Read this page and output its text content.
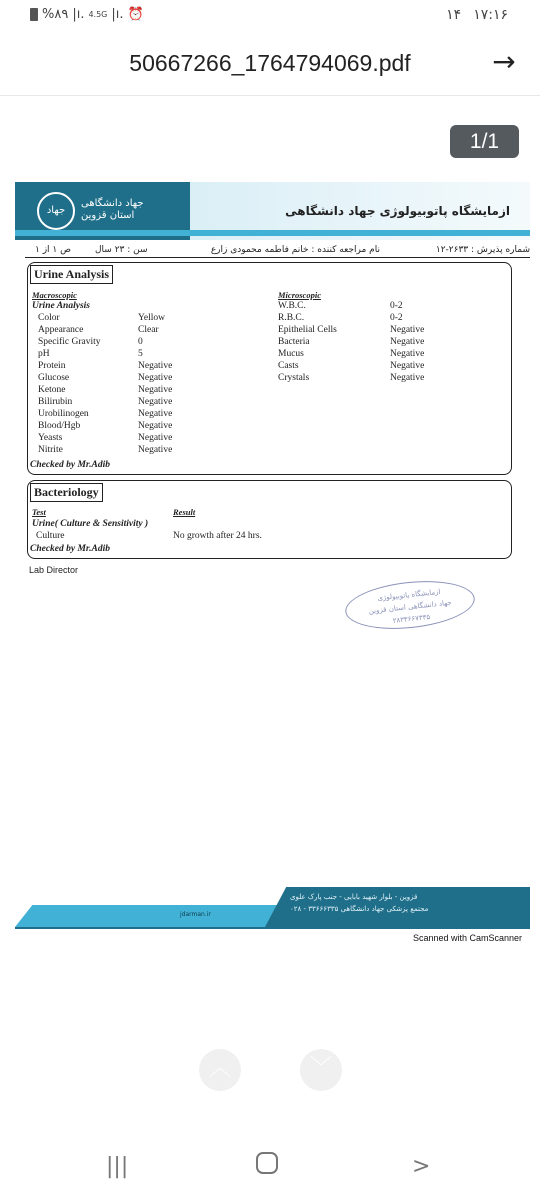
%۸۹ |ı. 4.5G |ı. ⏰	۱۴ ۱۷:۱۶
50667266_1764794069.pdf	→
1/1
جهاد
جهاد دانشگاهی
استان قزوین	ازمایشگاه پاتوبیولوژی جهاد دانشگاهی
شماره پذیرش : ۲۶۳۳-۱۲
نام مراجعه کننده : خانم فاطمه محمودی زارع
سن : ۲۳ سال
ص ۱ از ۱
Urine Analysis
Macroscopic
Urine Analysis
Color	Yellow
Appearance	Clear
Specific Gravity	0
pH	5
Protein	Negative
Glucose	Negative
Ketone	Negative
Bilirubin	Negative
Urobilinogen	Negative
Blood/Hgb	Negative
Yeasts	Negative
Nitrite	Negative
Microscopic
W.B.C.	0-2
R.B.C.	0-2
Epithelial Cells	Negative
Bacteria	Negative
Mucus	Negative
Casts	Negative
Crystals	Negative
Checked by Mr.Adib
Bacteriology
Test	Result
Urine( Culture & Sensitivity )
Culture	No growth after 24 hrs.
Checked by Mr.Adib
Lab Director
ازمایشگاه پاتوبیولوژی
جهاد دانشگاهی استان قزوین
۲۸۳۳۶۶۷۳۳۵
قزوین - بلوار شهید بابایی - جنب پارک علوی
مجتمع پزشکی جهاد دانشگاهی ۳۳۶۶۶۳۳۵ - ۰۲۸
jdarman.ir
Scanned with CamScanner
︿	﹀
|||	>
